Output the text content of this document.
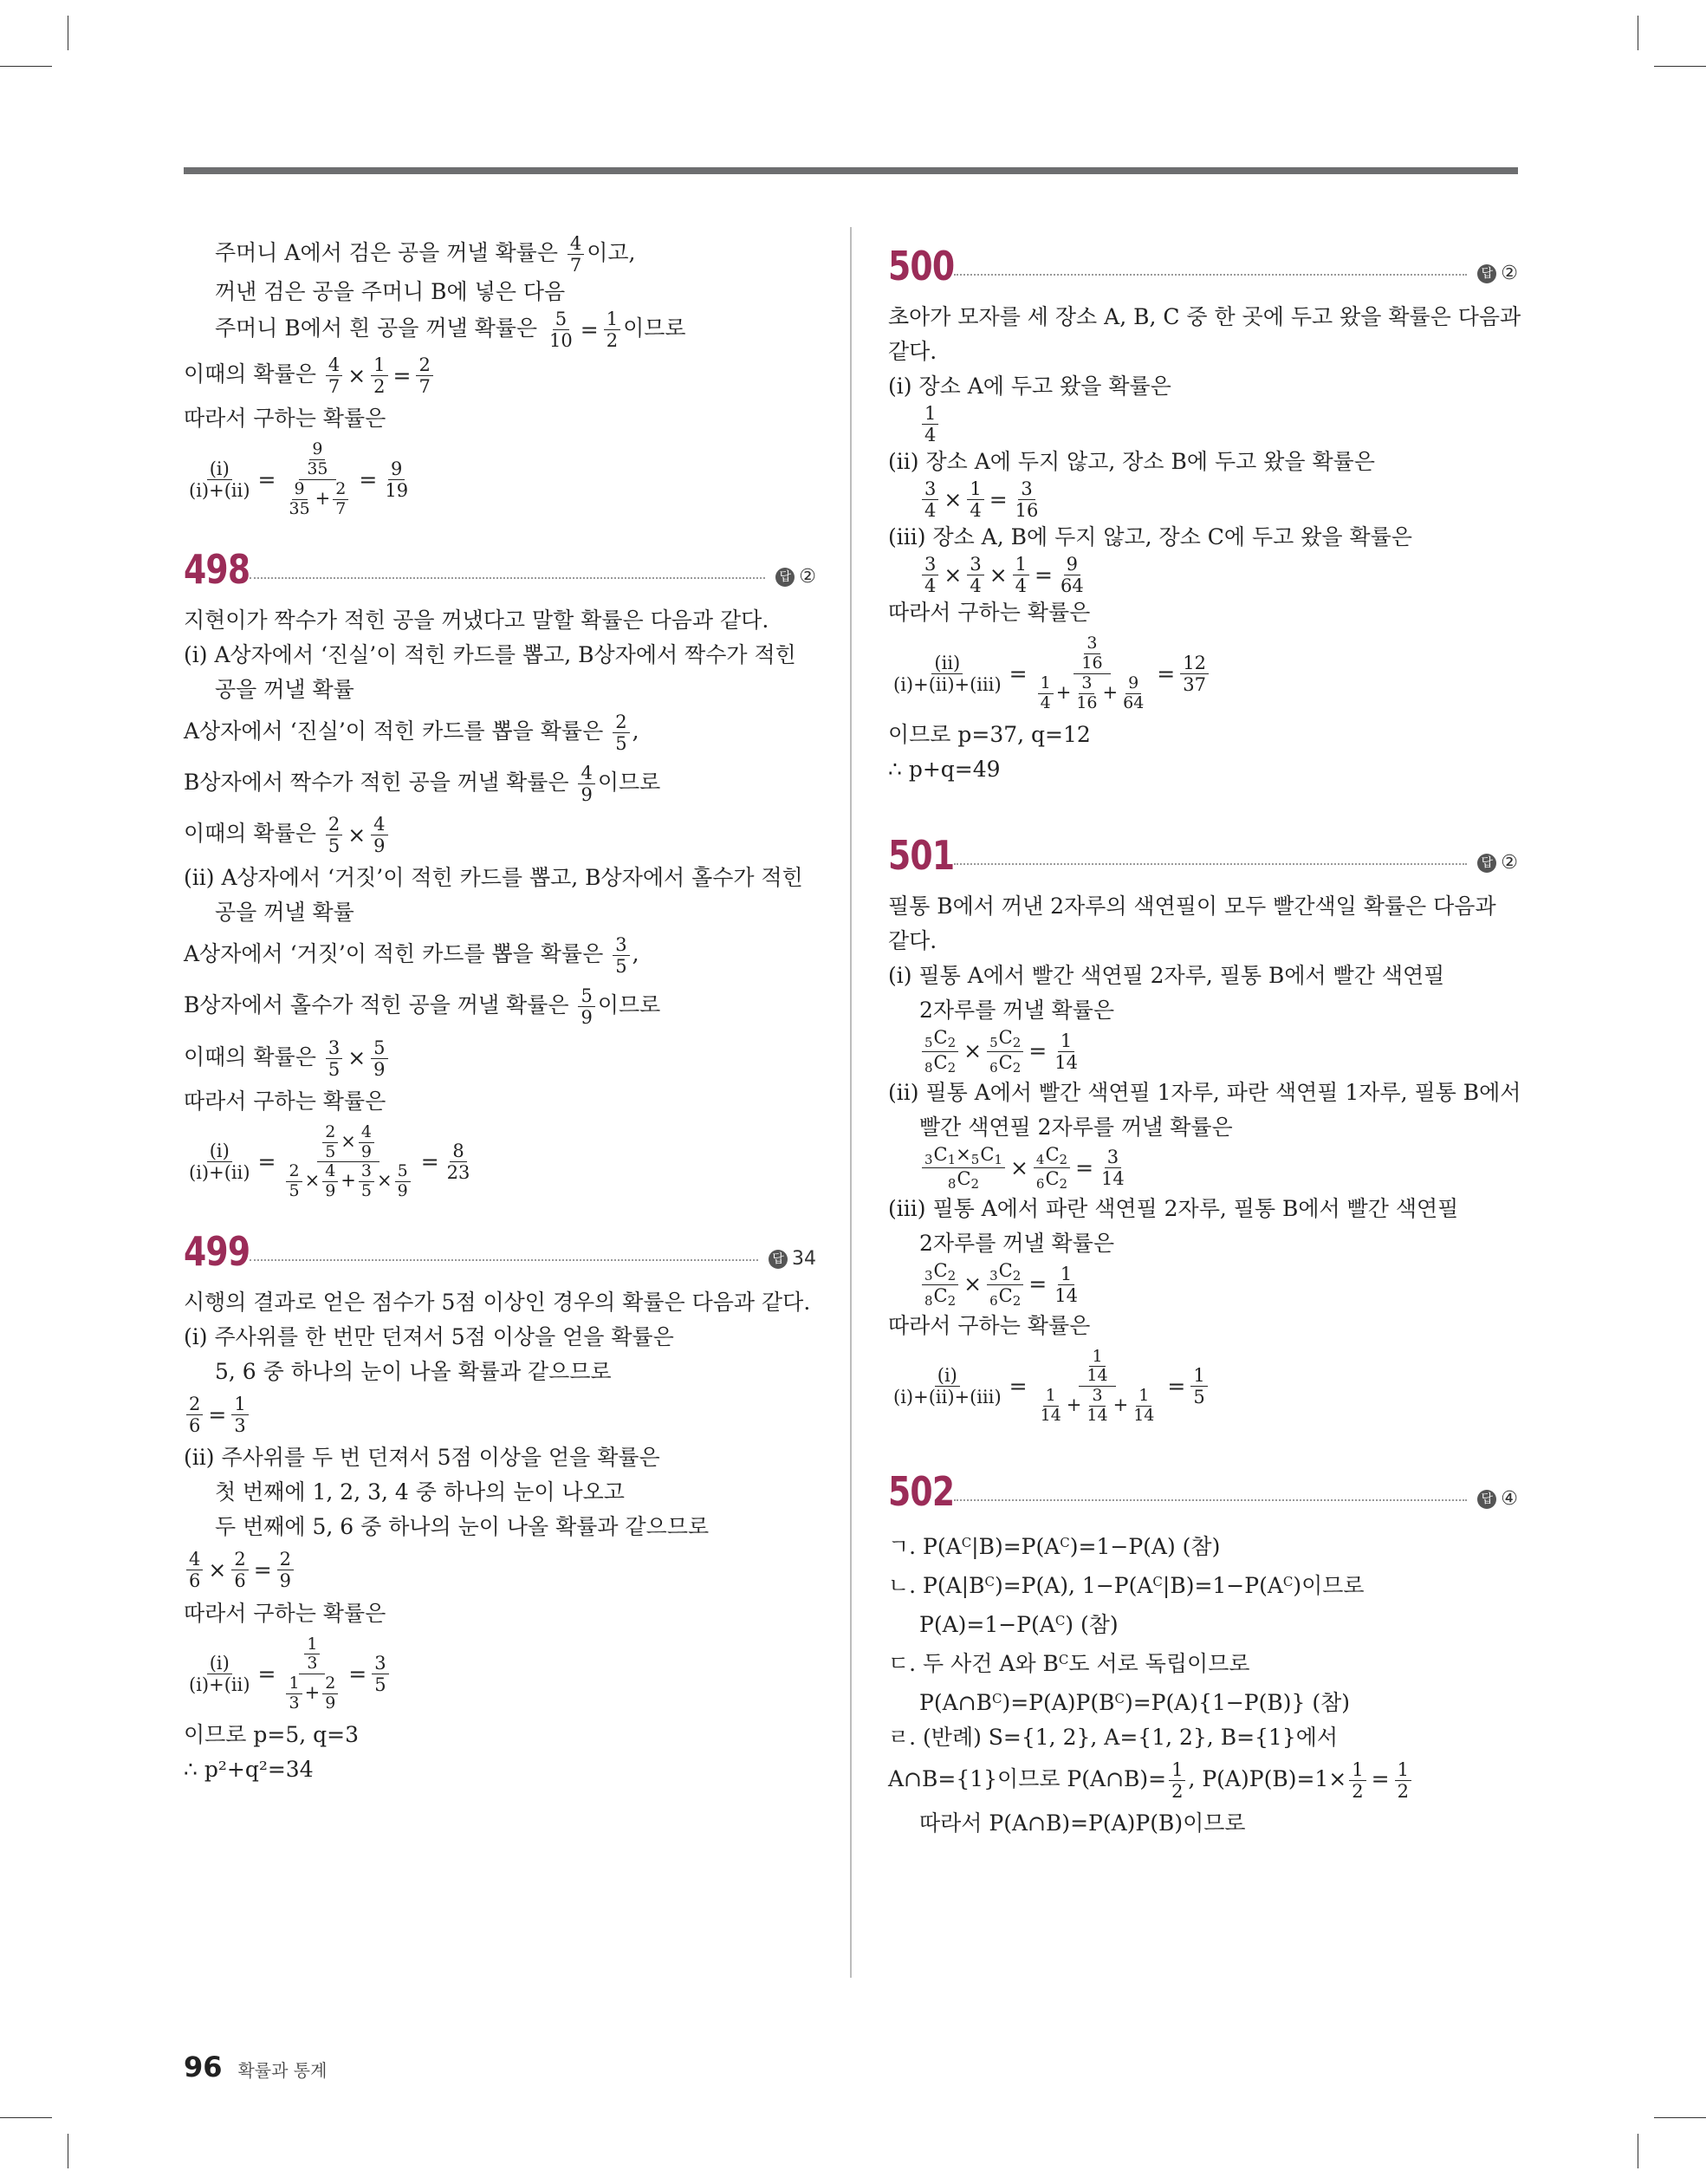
주머니 A에서 검은 공을 꺼낼 확률은 $\frac{4}{7}$ 이고,
꺼낸 검은 공을 주머니 B에 넣은 다음
주머니 B에서 흰 공을 꺼낼 확률은 $\frac{5}{10} = \frac{1}{2}$ 이므로
이때의 확률은 $\frac{4}{7} \times \frac{1}{2} = \frac{2}{7}$
따라서 구하는 확률은
$\frac{\text{(ⅰ)}}{\text{(ⅰ)+(ⅱ)}} = \frac{\frac{9}{35}}{\frac{9}{35} + \frac{2}{7}} = \frac{9}{19}$
498	답 ②
지현이가 짝수가 적힌 공을 꺼냈다고 말할 확률은 다음과 같다.
(ⅰ) A상자에서 ‘진실’이 적힌 카드를 뽑고, B상자에서 짝수가 적힌
공을 꺼낼 확률
A상자에서 ‘진실’이 적힌 카드를 뽑을 확률은 $\frac{2}{5}$ ,
B상자에서 짝수가 적힌 공을 꺼낼 확률은 $\frac{4}{9}$ 이므로
이때의 확률은 $\frac{2}{5} \times \frac{4}{9}$
(ⅱ) A상자에서 ‘거짓’이 적힌 카드를 뽑고, B상자에서 홀수가 적힌
공을 꺼낼 확률
A상자에서 ‘거짓’이 적힌 카드를 뽑을 확률은 $\frac{3}{5}$ ,
B상자에서 홀수가 적힌 공을 꺼낼 확률은 $\frac{5}{9}$ 이므로
이때의 확률은 $\frac{3}{5} \times \frac{5}{9}$
따라서 구하는 확률은
$\frac{\text{(ⅰ)}}{\text{(ⅰ)+(ⅱ)}} = \frac{\frac{2}{5} \times \frac{4}{9}}{\frac{2}{5} \times \frac{4}{9} + \frac{3}{5} \times \frac{5}{9}} = \frac{8}{23}$
499	답 34
시행의 결과로 얻은 점수가 5점 이상인 경우의 확률은 다음과 같다.
(ⅰ) 주사위를 한 번만 던져서 5점 이상을 얻을 확률은
5, 6 중 하나의 눈이 나올 확률과 같으므로
$\frac{2}{6} = \frac{1}{3}$
(ⅱ) 주사위를 두 번 던져서 5점 이상을 얻을 확률은
첫 번째에 1, 2, 3, 4 중 하나의 눈이 나오고
두 번째에 5, 6 중 하나의 눈이 나올 확률과 같으므로
$\frac{4}{6} \times \frac{2}{6} = \frac{2}{9}$
따라서 구하는 확률은
$\frac{\text{(ⅰ)}}{\text{(ⅰ)+(ⅱ)}} = \frac{\frac{1}{3}}{\frac{1}{3} + \frac{2}{9}} = \frac{3}{5}$
이므로 p=5, q=3
∴ p²+q²=34
500	답 ②
초아가 모자를 세 장소 A, B, C 중 한 곳에 두고 왔을 확률은 다음과
같다.
(ⅰ) 장소 A에 두고 왔을 확률은
$\frac{1}{4}$
(ⅱ) 장소 A에 두지 않고, 장소 B에 두고 왔을 확률은
$\frac{3}{4} \times \frac{1}{4} = \frac{3}{16}$
(ⅲ) 장소 A, B에 두지 않고, 장소 C에 두고 왔을 확률은
$\frac{3}{4} \times \frac{3}{4} \times \frac{1}{4} = \frac{9}{64}$
따라서 구하는 확률은
$\frac{\text{(ⅱ)}}{\text{(ⅰ)+(ⅱ)+(ⅲ)}} = \frac{\frac{3}{16}}{\frac{1}{4} + \frac{3}{16} + \frac{9}{64}} = \frac{12}{37}$
이므로 p=37, q=12
∴ p+q=49
501	답 ②
필통 B에서 꺼낸 2자루의 색연필이 모두 빨간색일 확률은 다음과
같다.
(ⅰ) 필통 A에서 빨간 색연필 2자루, 필통 B에서 빨간 색연필
2자루를 꺼낼 확률은
$\frac{5C_2}{8C_2} \times \frac{5C_2}{6C_2} = \frac{1}{14}$
(ⅱ) 필통 A에서 빨간 색연필 1자루, 파란 색연필 1자루, 필통 B에서
빨간 색연필 2자루를 꺼낼 확률은
$\frac{3C_1\times 5C_1}{8C_2} \times \frac{4C_2}{6C_2} = \frac{3}{14}$
(ⅲ) 필통 A에서 파란 색연필 2자루, 필통 B에서 빨간 색연필
2자루를 꺼낼 확률은
$\frac{3C_2}{8C_2} \times \frac{3C_2}{6C_2} = \frac{1}{14}$
따라서 구하는 확률은
$\frac{\text{(ⅰ)}}{\text{(ⅰ)+(ⅱ)+(ⅲ)}} = \frac{\frac{1}{14}}{\frac{1}{14} + \frac{3}{14} + \frac{1}{14}} = \frac{1}{5}$
502	답 ④
ㄱ. $P(A^C|B)=P(A^C)=1-P(A)$ (참)
ㄴ. $P(A|B^C)=P(A)$, $1-P(A^C|B)=1-P(A^C)$이므로
$P(A)=1-P(A^C)$ (참)
ㄷ. 두 사건 A와 $B^C$도 서로 독립이므로
$P(A\cap B^C)=P(A)P(B^C)=P(A)\{1-P(B)\}$ (참)
ㄹ. (반례) S={1, 2}, A={1, 2}, B={1}에서
A∩B={1}이므로 P(A∩B)= $\frac{1}{2}$ , $P(A)P(B)=1\times \frac{1}{2} = \frac{1}{2}$
따라서 P(A∩B)=P(A)P(B)이므로
96 확률과 통계
